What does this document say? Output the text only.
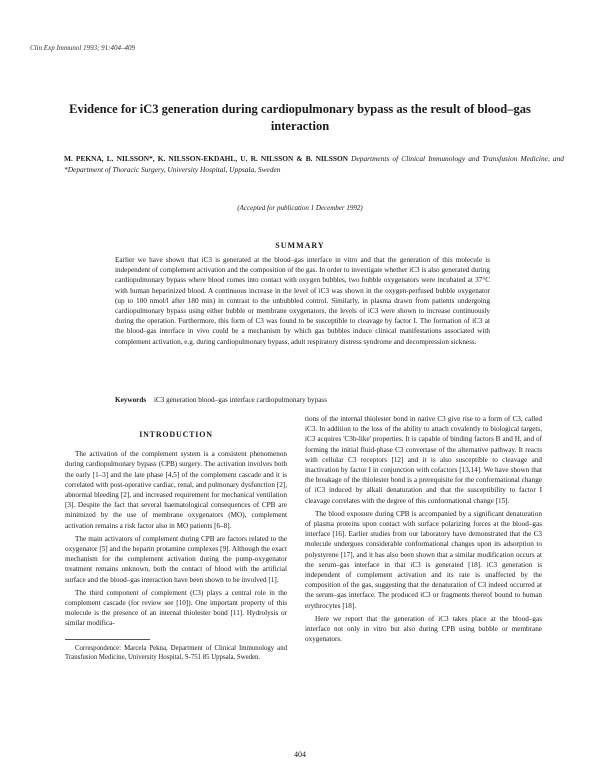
Clin Exp Immunol 1993; 91:404–409
Evidence for iC3 generation during cardiopulmonary bypass as the result of blood–gas interaction
M. PEKNA, L. NILSSON*, K. NILSSON-EKDAHL, U. R. NILSSON & B. NILSSON Departments of Clinical Immunology and Transfusion Medicine, and *Department of Thoracic Surgery, University Hospital, Uppsala, Sweden
(Accepted for publication 1 December 1992)
SUMMARY

Earlier we have shown that iC3 is generated at the blood–gas interface in vitro and that the generation of this molecule is independent of complement activation and the composition of the gas. In order to investigate whether iC3 is also generated during cardiopulmonary bypass where blood comes into contact with oxygen bubbles, two bubble oxygenators were incubated at 37°C with human heparinized blood. A continuous increase in the level of iC3 was shown in the oxygen-perfused bubble oxygenator (up to 100 nmol/l after 180 min) in contrast to the unbubbled control. Similarly, in plasma drawn from patients undergoing cardiopulmonary bypass using either bubble or membrane oxygenators, the levels of iC3 were shown to increase continuously during the operation. Furthermore, this form of C3 was found to be susceptible to cleavage by factor I. The formation of iC3 at the blood–gas interface in vivo could be a mechanism by which gas bubbles induce clinical manifestations associated with complement activation, e.g. during cardiopulmonary bypass, adult respiratory distress syndrome and decompression sickness.

Keywords iC3 generation blood–gas interface cardiopulmonary bypass
INTRODUCTION

The activation of the complement system is a consistent phenomenon during cardiopulmonary bypass (CPB) surgery. The activation involves both the early [1–3] and the late phase [4,5] of the complement cascade and it is correlated with post-operative cardiac, renal, and pulmonary dysfunction [2], abnormal bleeding [2], and increased requirement for mechanical ventilation [3]. Despite the fact that several haematological consequences of CPB are minimized by the use of membrane oxygenators (MO), complement activation remains a risk factor also in MO patients [6–8].

The main activators of complement during CPB are factors related to the oxygenator [5] and the heparin protamine complexes [9]. Although the exact mechanism for the complement activation during the pump-oxygenator treatment remains unknown, both the contact of blood with the artificial surface and the blood–gas interaction have been shown to be involved [1].

The third component of complement (C3) plays a central role in the complement cascade (for review see [10]). One important property of this molecule is the presence of an internal thiolester bond [11]. Hydrolysis or similar modifica-

Correspondence: Marcela Pekna, Department of Clinical Immunology and Transfusion Medicine, University Hospital, S-751 85 Uppsala, Sweden.

tions of the internal thiolester bond in native C3 give rise to a form of C3, called iC3. In addition to the loss of the ability to attach covalently to biological targets, iC3 acquires 'C3b-like' properties. It is capable of binding factors B and H, and of forming the initial fluid-phase C3 convertase of the alternative pathway. It reacts with cellular C3 receptors [12] and it is also susceptible to cleavage and inactivation by factor I in conjunction with cofactors [13,14]. We have shown that the breakage of the thiolester bond is a prerequisite for the conformational change of iC3 induced by alkali denaturation and that the susceptibility to factor I cleavage correlates with the degree of this conformational change [15].

The blood exposure during CPB is accompanied by a significant denaturation of plasma proteins upon contact with surface polarizing forces at the blood–gas interface [16]. Earlier studies from our laboratory have demonstrated that the C3 molecule undergoes considerable conformational changes upon its adsorption to polystyrene [17], and it has also been shown that a similar modification occurs at the serum–gas interface in that iC3 is generated [18]. iC3 generation is independent of complement activation and its rate is unaffected by the composition of the gas, suggesting that the denaturation of C3 indeed occurred at the serum–gas interface. The produced iC3 or fragments thereof bound to human erythrocytes [18].

Here we report that the generation of iC3 takes place at the blood–gas interface not only in vitro but also during CPB using bubble or membrane oxygenators.

404
